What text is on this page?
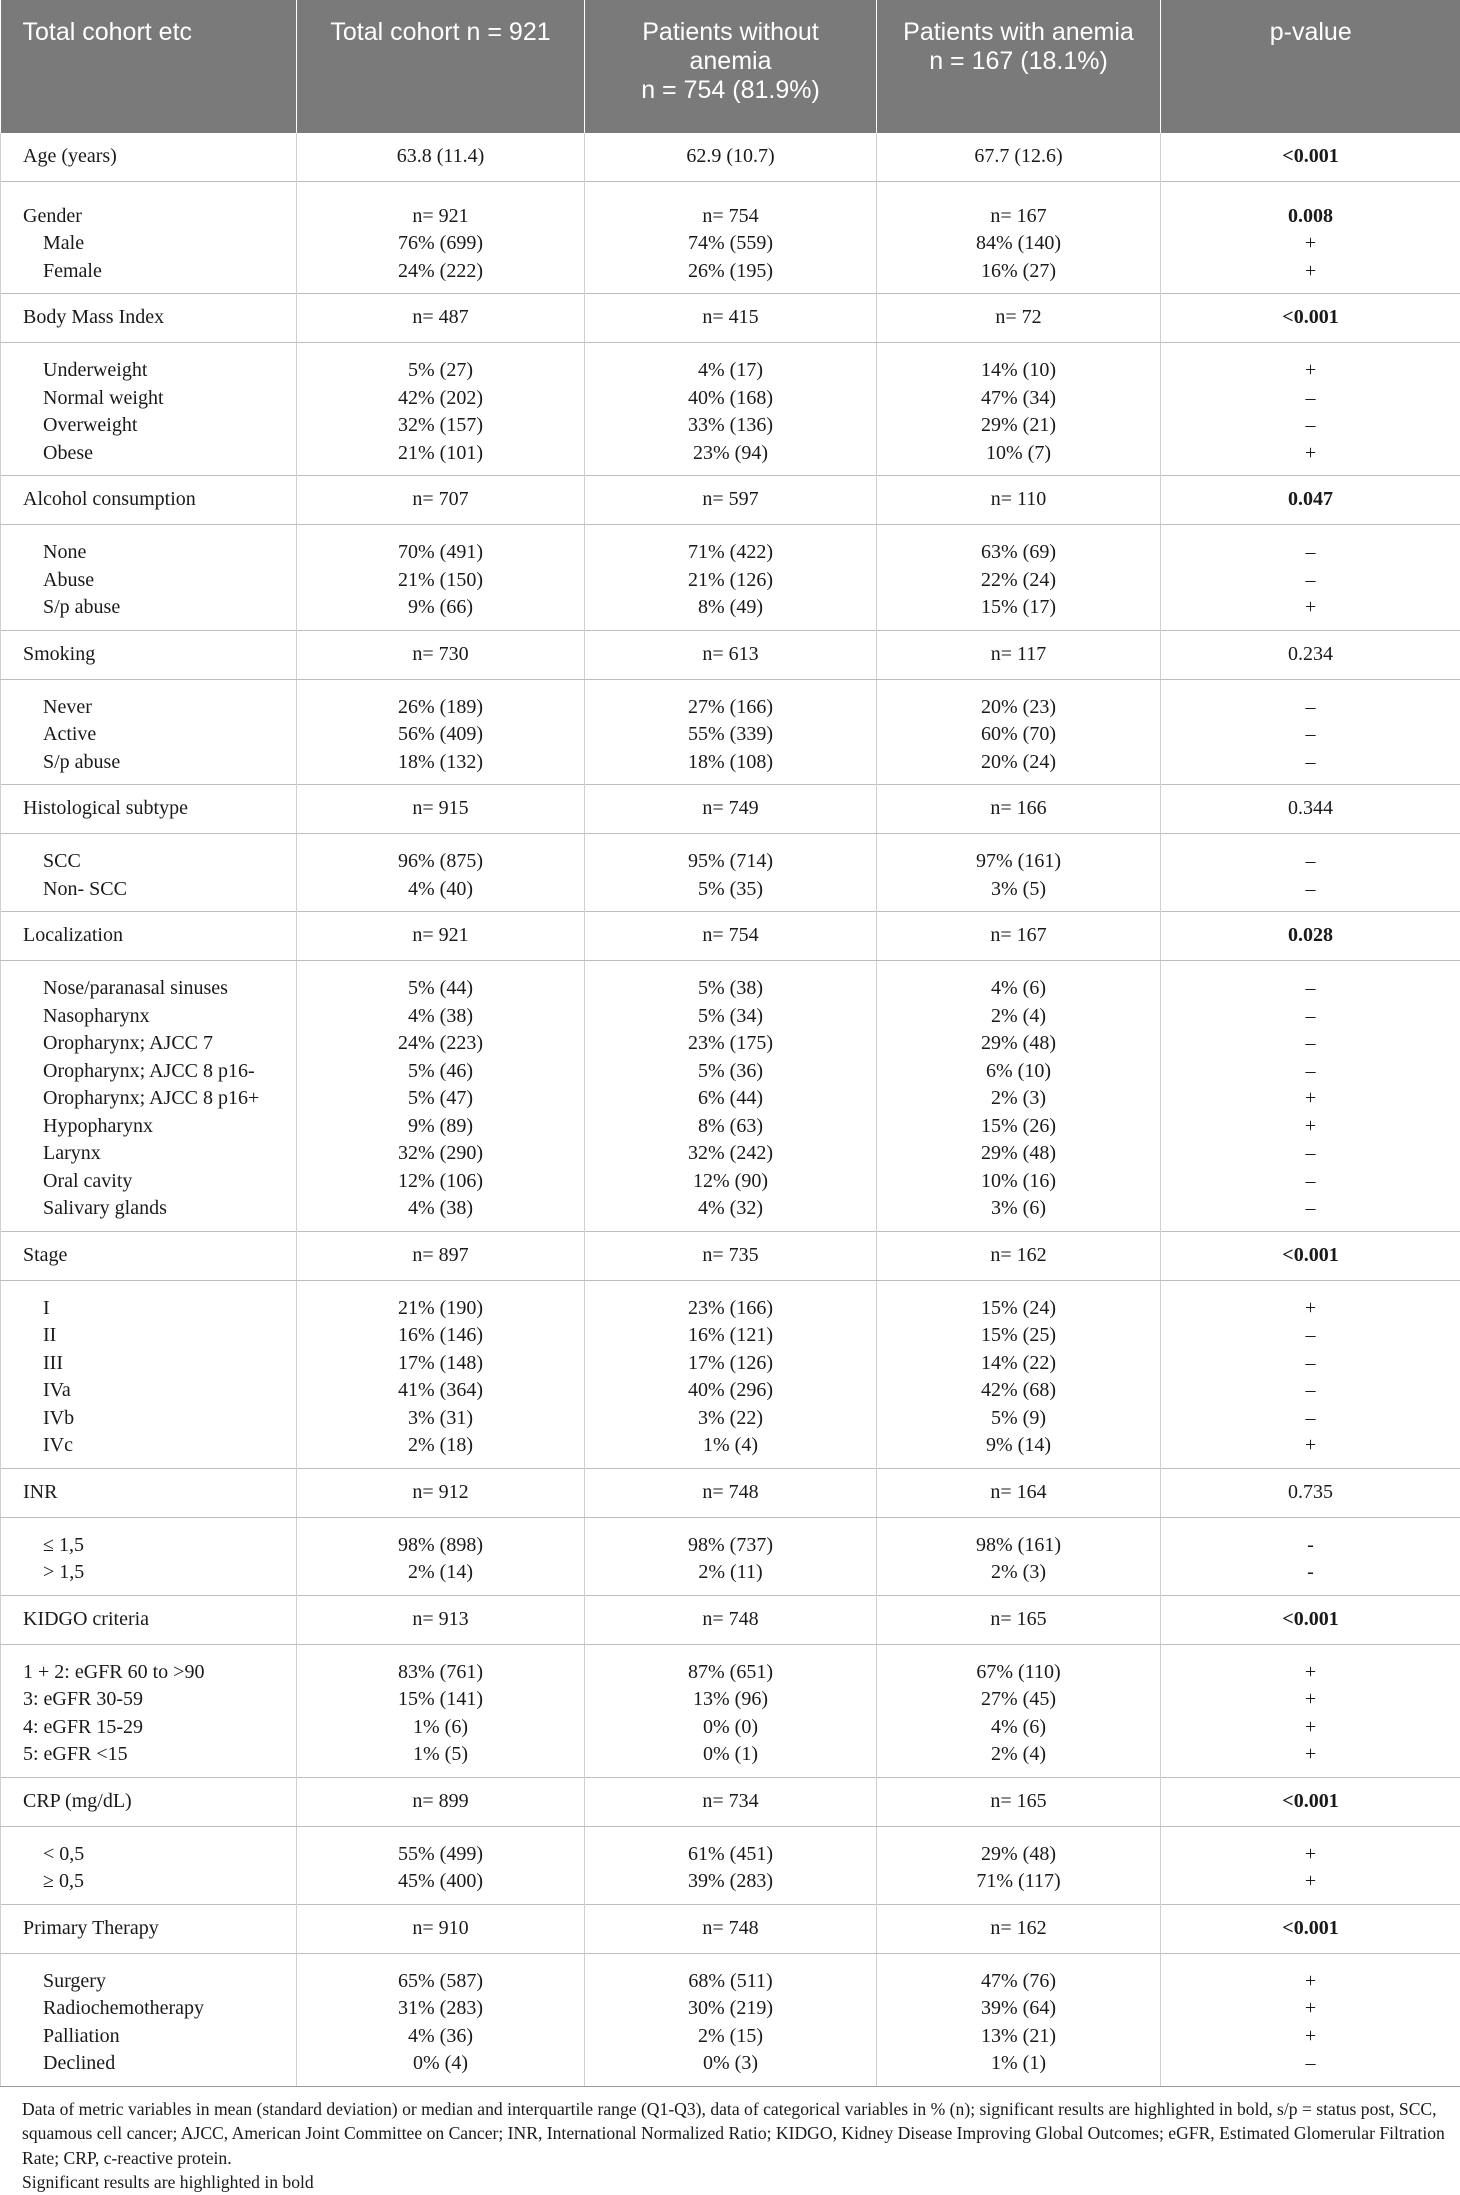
Total cohort etc	Total cohort n = 921	Patients without
anemia
n = 754 (81.9%)	Patients with anemia
n = 167 (18.1%)	p-value
Age (years)	63.8 (11.4)	62.9 (10.7)	67.7 (12.6)	<0.001
Gender	n= 921	n= 754	n= 167	0.008
Male	76% (699)	74% (559)	84% (140)	+
Female	24% (222)	26% (195)	16% (27)	+
Body Mass Index	n= 487	n= 415	n= 72	<0.001
Underweight	5% (27)	4% (17)	14% (10)	+
Normal weight	42% (202)	40% (168)	47% (34)	–
Overweight	32% (157)	33% (136)	29% (21)	–
Obese	21% (101)	23% (94)	10% (7)	+
Alcohol consumption	n= 707	n= 597	n= 110	0.047
None	70% (491)	71% (422)	63% (69)	–
Abuse	21% (150)	21% (126)	22% (24)	–
S/p abuse	9% (66)	8% (49)	15% (17)	+
Smoking	n= 730	n= 613	n= 117	0.234
Never	26% (189)	27% (166)	20% (23)	–
Active	56% (409)	55% (339)	60% (70)	–
S/p abuse	18% (132)	18% (108)	20% (24)	–
Histological subtype	n= 915	n= 749	n= 166	0.344
SCC	96% (875)	95% (714)	97% (161)	–
Non- SCC	4% (40)	5% (35)	3% (5)	–
Localization	n= 921	n= 754	n= 167	0.028
Nose/paranasal sinuses	5% (44)	5% (38)	4% (6)	–
Nasopharynx	4% (38)	5% (34)	2% (4)	–
Oropharynx; AJCC 7	24% (223)	23% (175)	29% (48)	–
Oropharynx; AJCC 8 p16-	5% (46)	5% (36)	6% (10)	–
Oropharynx; AJCC 8 p16+	5% (47)	6% (44)	2% (3)	+
Hypopharynx	9% (89)	8% (63)	15% (26)	+
Larynx	32% (290)	32% (242)	29% (48)	–
Oral cavity	12% (106)	12% (90)	10% (16)	–
Salivary glands	4% (38)	4% (32)	3% (6)	–
Stage	n= 897	n= 735	n= 162	<0.001
I	21% (190)	23% (166)	15% (24)	+
II	16% (146)	16% (121)	15% (25)	–
III	17% (148)	17% (126)	14% (22)	–
IVa	41% (364)	40% (296)	42% (68)	–
IVb	3% (31)	3% (22)	5% (9)	–
IVc	2% (18)	1% (4)	9% (14)	+
INR	n= 912	n= 748	n= 164	0.735
≤ 1,5	98% (898)	98% (737)	98% (161)	-
> 1,5	2% (14)	2% (11)	2% (3)	-
KIDGO criteria	n= 913	n= 748	n= 165	<0.001
1 + 2: eGFR 60 to >90	83% (761)	87% (651)	67% (110)	+
3: eGFR 30-59	15% (141)	13% (96)	27% (45)	+
4: eGFR 15-29	1% (6)	0% (0)	4% (6)	+
5: eGFR <15	1% (5)	0% (1)	2% (4)	+
CRP (mg/dL)	n= 899	n= 734	n= 165	<0.001
< 0,5	55% (499)	61% (451)	29% (48)	+
≥ 0,5	45% (400)	39% (283)	71% (117)	+
Primary Therapy	n= 910	n= 748	n= 162	<0.001
Surgery	65% (587)	68% (511)	47% (76)	+
Radiochemotherapy	31% (283)	30% (219)	39% (64)	+
Palliation	4% (36)	2% (15)	13% (21)	+
Declined	0% (4)	0% (3)	1% (1)	–
Data of metric variables in mean (standard deviation) or median and interquartile range (Q1-Q3), data of categorical variables in % (n); significant results are highlighted in bold, s/p = status post, SCC, squamous cell cancer; AJCC, American Joint Committee on Cancer; INR, International Normalized Ratio; KIDGO, Kidney Disease Improving Global Outcomes; eGFR, Estimated Glomerular Filtration Rate; CRP, c-reactive protein.
Significant results are highlighted in bold
